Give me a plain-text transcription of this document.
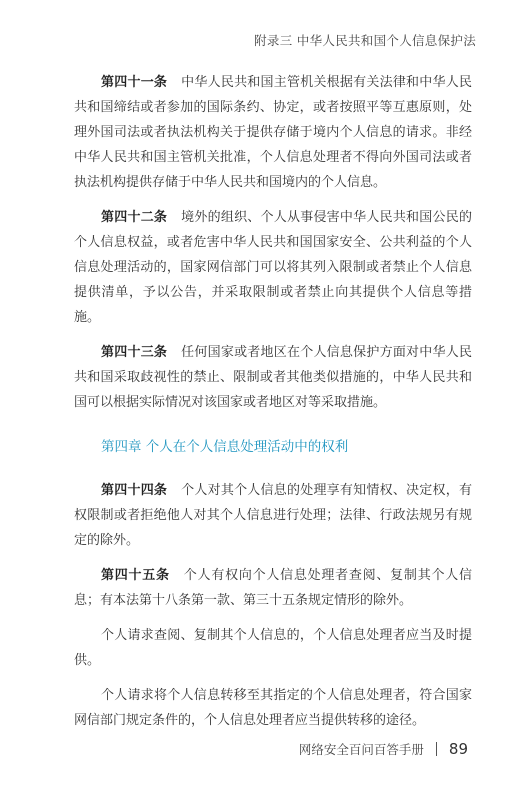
附录三 中华人民共和国个人信息保护法

第四十一条 中华人民共和国主管机关根据有关法律和中华人民共和国缔结或者参加的国际条约、协定，或者按照平等互惠原则，处理外国司法或者执法机构关于提供存储于境内个人信息的请求。非经中华人民共和国主管机关批准，个人信息处理者不得向外国司法或者执法机构提供存储于中华人民共和国境内的个人信息。

第四十二条 境外的组织、个人从事侵害中华人民共和国公民的个人信息权益，或者危害中华人民共和国国家安全、公共利益的个人信息处理活动的，国家网信部门可以将其列入限制或者禁止个人信息提供清单，予以公告，并采取限制或者禁止向其提供个人信息等措施。

第四十三条 任何国家或者地区在个人信息保护方面对中华人民共和国采取歧视性的禁止、限制或者其他类似措施的，中华人民共和国可以根据实际情况对该国家或者地区对等采取措施。

第四章 个人在个人信息处理活动中的权利

第四十四条 个人对其个人信息的处理享有知情权、决定权，有权限制或者拒绝他人对其个人信息进行处理；法律、行政法规另有规定的除外。

第四十五条 个人有权向个人信息处理者查阅、复制其个人信息；有本法第十八条第一款、第三十五条规定情形的除外。

个人请求查阅、复制其个人信息的，个人信息处理者应当及时提供。

个人请求将个人信息转移至其指定的个人信息处理者，符合国家网信部门规定条件的，个人信息处理者应当提供转移的途径。

网络安全百问百答手册 89
